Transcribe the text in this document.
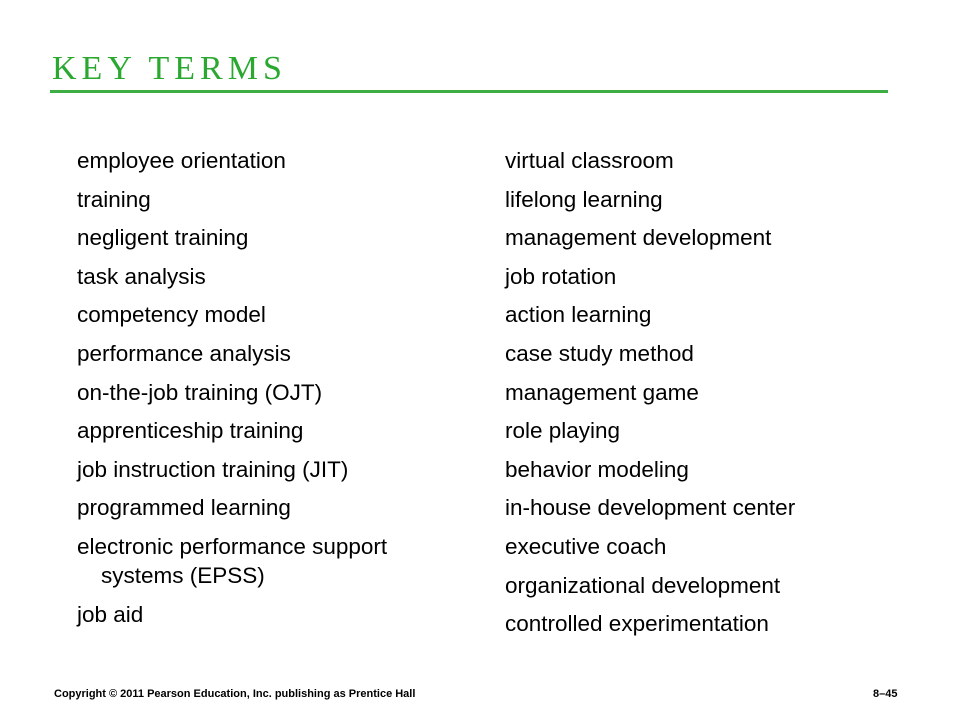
KEY TERMS
employee orientation
training
negligent training
task analysis
competency model
performance analysis
on-the-job training (OJT)
apprenticeship training
job instruction training (JIT)
programmed learning
electronic performance support systems (EPSS)
job aid
virtual classroom
lifelong learning
management development
job rotation
action learning
case study method
management game
role playing
behavior modeling
in-house development center
executive coach
organizational development
controlled experimentation
Copyright © 2011 Pearson Education, Inc. publishing as Prentice Hall	8–45
